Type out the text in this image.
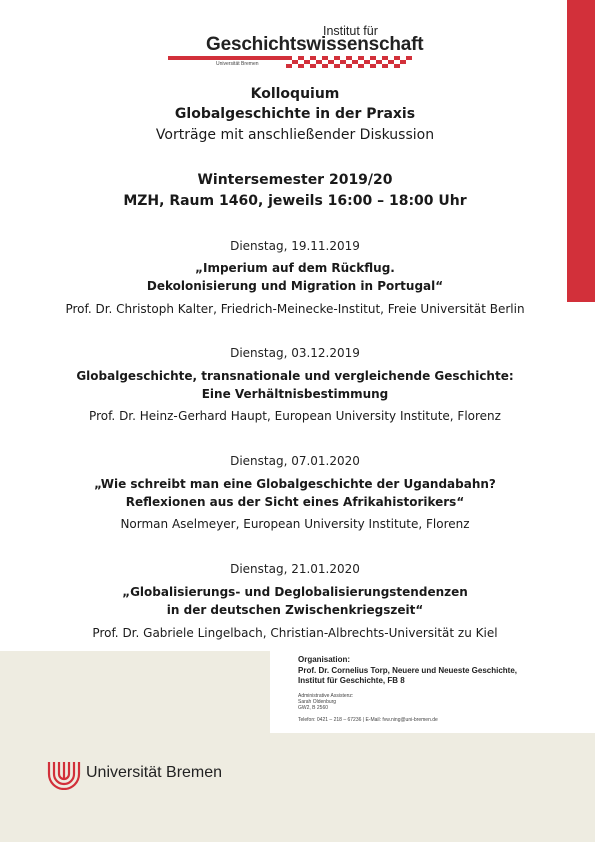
Institut für
Geschichtswissenschaft
Universität Bremen
Kolloquium
Globalgeschichte in der Praxis
Vorträge mit anschließender Diskussion
Wintersemester 2019/20
MZH, Raum 1460, jeweils 16:00 – 18:00 Uhr
Dienstag, 19.11.2019
„Imperium auf dem Rückflug.
Dekolonisierung und Migration in Portugal“
Prof. Dr. Christoph Kalter, Friedrich-Meinecke-Institut, Freie Universität Berlin
Dienstag, 03.12.2019
Globalgeschichte, transnationale und vergleichende Geschichte:
Eine Verhältnisbestimmung
Prof. Dr. Heinz-Gerhard Haupt, European University Institute, Florenz
Dienstag, 07.01.2020
„Wie schreibt man eine Globalgeschichte der Ugandabahn?
Reflexionen aus der Sicht eines Afrikahistorikers“
Norman Aselmeyer, European University Institute, Florenz
Dienstag, 21.01.2020
„Globalisierungs- und Deglobalisierungstendenzen
in der deutschen Zwischenkriegszeit“
Prof. Dr. Gabriele Lingelbach, Christian-Albrechts-Universität zu Kiel
Organisation:
Prof. Dr. Cornelius Torp, Neuere und Neueste Geschichte,
Institut für Geschichte, FB 8
Administrative Assistenz:
Sarah Oldenburg
GW2, B 2560
Telefon: 0421 – 218 – 67236 | E-Mail: fvw.ning@uni-bremen.de
Universität Bremen
